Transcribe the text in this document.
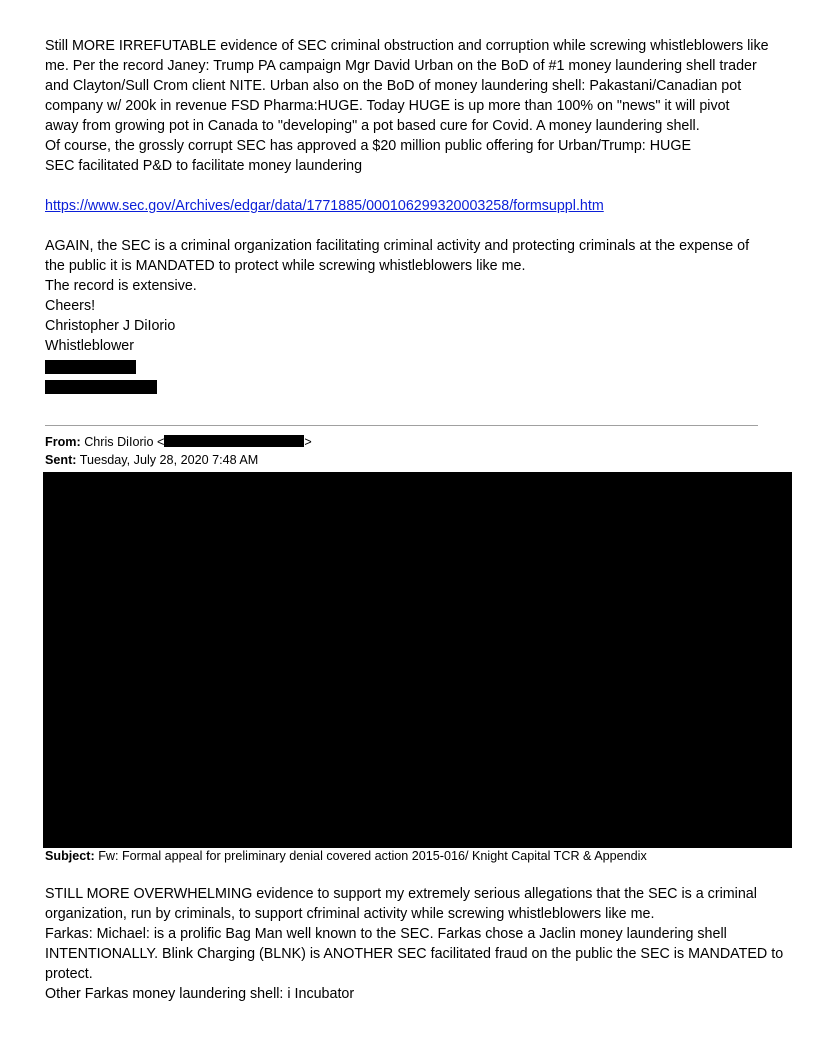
Still MORE IRREFUTABLE evidence of SEC criminal obstruction and corruption while screwing whistleblowers like

me. Per the record Janey: Trump PA campaign Mgr David Urban on the BoD of #1 money laundering shell trader

and Clayton/Sull Crom client NITE. Urban also on the BoD of money laundering shell: Pakastani/Canadian pot

company w/ 200k in revenue FSD Pharma:HUGE. Today HUGE is up more than 100% on "news" it will pivot

away from growing pot in Canada to "developing" a pot based cure for Covid. A money laundering shell.

Of course, the grossly corrupt SEC has approved a $20 million public offering for Urban/Trump: HUGE

SEC facilitated P&D to facilitate money laundering

https://www.sec.gov/Archives/edgar/data/1771885/000106299320003258/formsuppl.htm

AGAIN, the SEC is a criminal organization facilitating criminal activity and protecting criminals at the expense of

the public it is MANDATED to protect while screwing whistleblowers like me.

The record is extensive.

Cheers!

Christopher J DiIorio

Whistleblower

From: Chris DiIorio <	>

Sent: Tuesday, July 28, 2020 7:48 AM

Subject: Fw: Formal appeal for preliminary denial covered action 2015-016/ Knight Capital TCR & Appendix

STILL MORE OVERWHELMING evidence to support my extremely serious allegations that the SEC is a criminal

organization, run by criminals, to support cfriminal activity while screwing whistleblowers like me.

Farkas: Michael: is a prolific Bag Man well known to the SEC. Farkas chose a Jaclin money laundering shell

INTENTIONALLY. Blink Charging (BLNK) is ANOTHER SEC facilitated fraud on the public the SEC is MANDATED to

protect.

Other Farkas money laundering shell: i Incubator
